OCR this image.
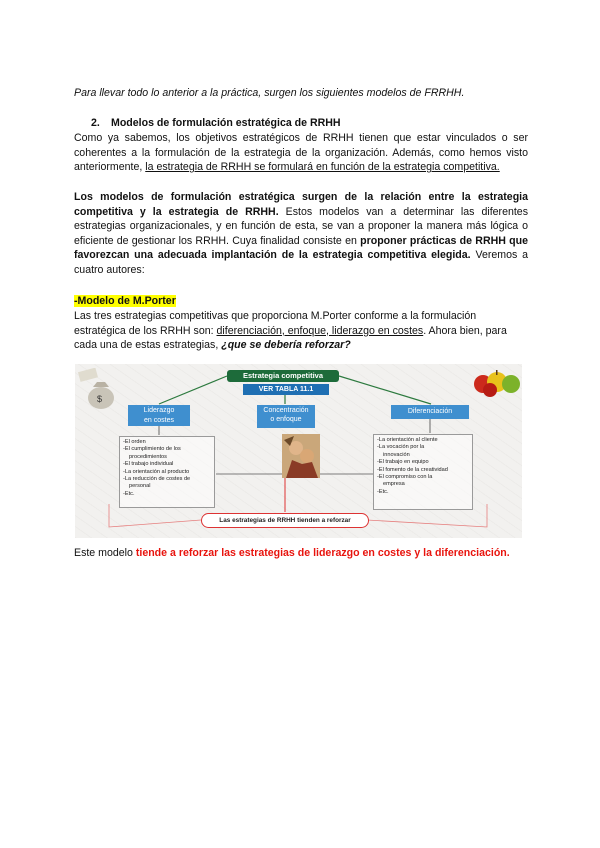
Para llevar todo lo anterior a la práctica, surgen los siguientes modelos de FRRHH.
2. Modelos de formulación estratégica de RRHH
Como ya sabemos, los objetivos estratégicos de RRHH tienen que estar vinculados o ser coherentes a la formulación de la estrategia de la organización. Además, como hemos visto anteriormente, la estrategia de RRHH se formulará en función de la estrategia competitiva.
Los modelos de formulación estratégica surgen de la relación entre la estrategia competitiva y la estrategia de RRHH. Estos modelos van a determinar las diferentes estrategias organizacionales, y en función de esta, se van a proponer la manera más lógica o eficiente de gestionar los RRHH. Cuya finalidad consiste en proponer prácticas de RRHH que favorezcan una adecuada implantación de la estrategia competitiva elegida. Veremos a cuatro autores:
-Modelo de M.Porter
Las tres estrategias competitivas que proporciona M.Porter conforme a la formulación estratégica de los RRHH son: diferenciación, enfoque, liderazgo en costes. Ahora bien, para cada una de estas estrategias, ¿que se debería reforzar?
$
Estrategia competitiva
VER TABLA 11.1
Liderazgo
en costes
Concentración
o enfoque
Diferenciación
-El orden
-El cumplimiento de los
procedimientos
-El trabajo individual
-La orientación al producto
-La reducción de costes de
personal
-Etc.
-La orientación al cliente
-La vocación por la
innovación
-El trabajo en equipo
-El fomento de la creatividad
-El compromiso con la
empresa
-Etc.
Las estrategias de RRHH tienden a reforzar
Este modelo tiende a reforzar las estrategias de liderazgo en costes y la diferenciación.
